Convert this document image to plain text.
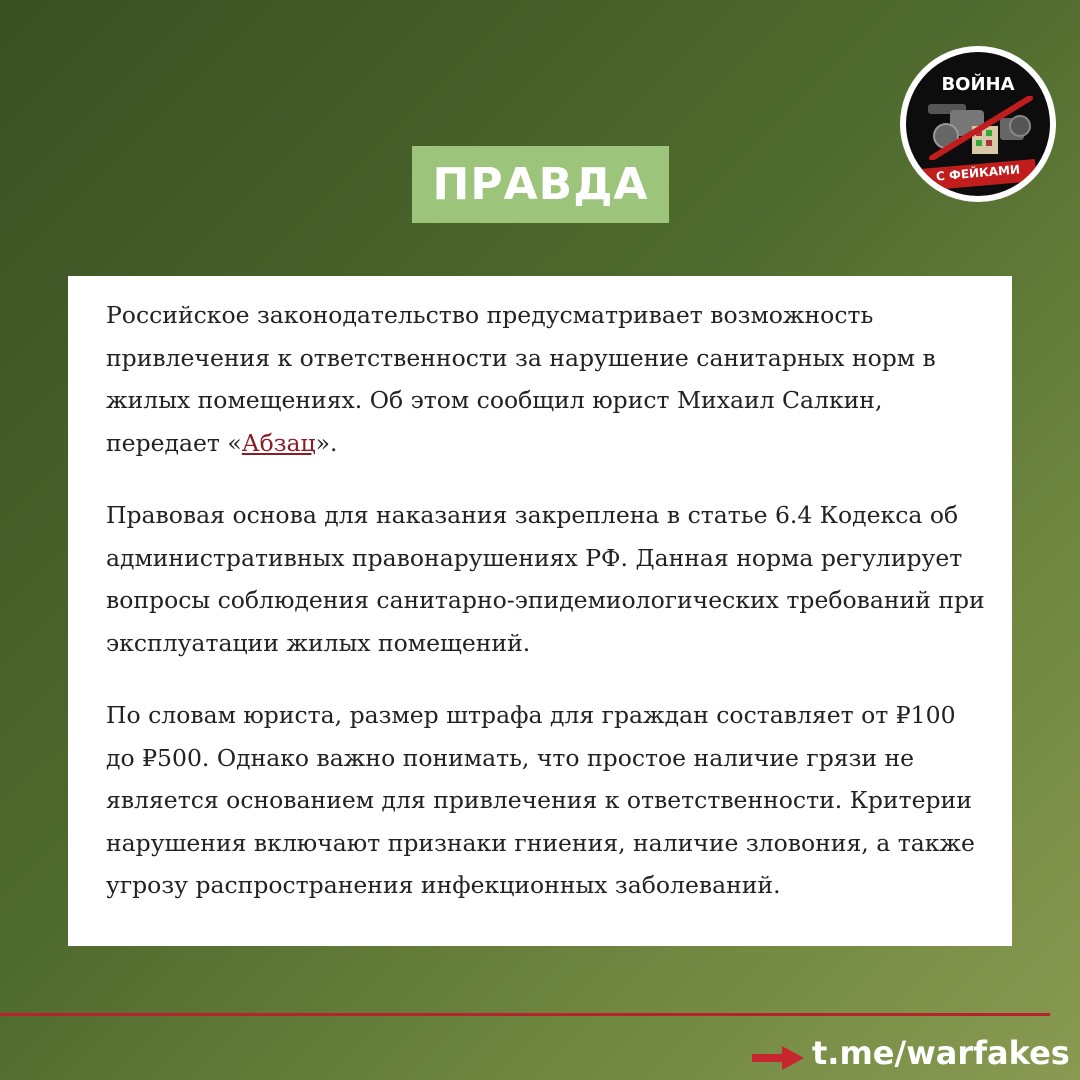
ВОЙНА
С ФЕЙКАМИ
ПРАВДА

Российское законодательство предусматривает возможность привлечения к ответственности за нарушение санитарных норм в жилых помещениях. Об этом сообщил юрист Михаил Салкин, передает «Абзац».

Правовая основа для наказания закреплена в статье 6.4 Кодекса об административных правонарушениях РФ. Данная норма регулирует вопросы соблюдения санитарно-эпидемиологических требований при эксплуатации жилых помещений.

По словам юриста, размер штрафа для граждан составляет от ₽100 до ₽500. Однако важно понимать, что простое наличие грязи не является основанием для привлечения к ответственности. Критерии нарушения включают признаки гниения, наличие зловония, а также угрозу распространения инфекционных заболеваний.

t.me/warfakes
